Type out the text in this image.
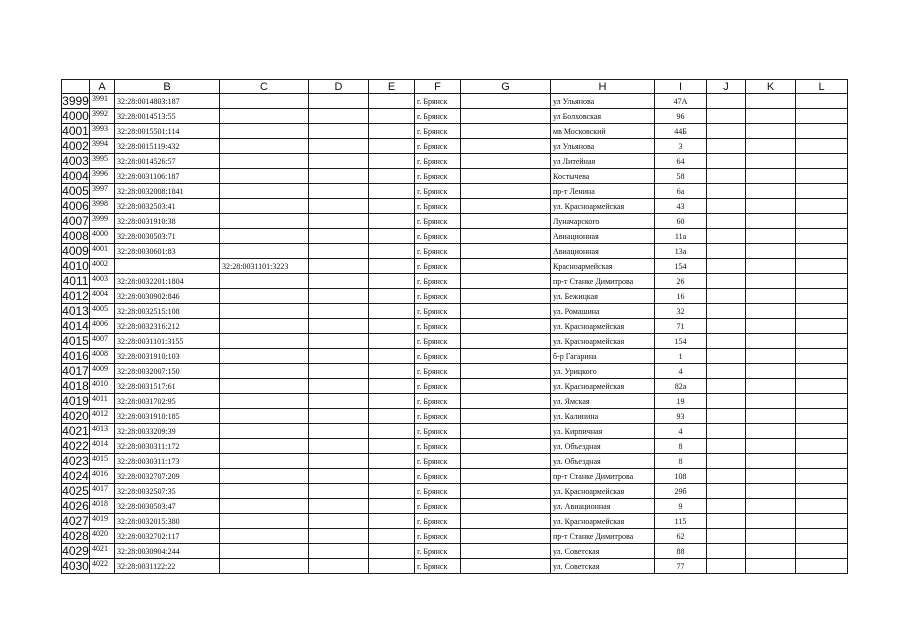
	A	B	C	D	E	F	G	H	I	J	K	L
3999	3991	32:28:0014803:187				г. Брянск		ул Ульянова	47А			
4000	3992	32:28:0014513:55				г. Брянск		ул Болховская	96			
4001	3993	32:28:0015501:114				г. Брянск		мв Московский	44Б			
4002	3994	32:28:0015119:432				г. Брянск		ул Ульянова	3			
4003	3995	32:28:0014526:57				г. Брянск		ул Литейная	64			
4004	3996	32:28:0031106:187				г. Брянск		Костычева	58			
4005	3997	32:28:0032008:1841				г. Брянск		пр-т Ленина	6а			
4006	3998	32:28:0032503:41				г. Брянск		ул. Красноармейская	43			
4007	3999	32:28:0031910:38				г. Брянск		Луначарского	60			
4008	4000	32:28:0030503:71				г. Брянск		Авиационная	11а			
4009	4001	32:28:0030601:83				г. Брянск		Авиационная	13а			
4010	4002		32:28:0031101:3223			г. Брянск		Красноармейская	154			
4011	4003	32:28:0032201:1804				г. Брянск		пр-т Станке Димитрова	26			
4012	4004	32:28:0030902:846				г. Брянск		ул. Бежицкая	16			
4013	4005	32:28:0032515:108				г. Брянск		ул. Ромашина	32			
4014	4006	32:28:0032316:212				г. Брянск		ул. Красноармейская	71			
4015	4007	32:28:0031101:3155				г. Брянск		ул. Красноармейская	154			
4016	4008	32:28:0031910:103				г. Брянск		б-р Гагарина	1			
4017	4009	32:28:0032007:150				г. Брянск		ул. Урицкого	4			
4018	4010	32:28:0031517:61				г. Брянск		ул. Красноармейская	82а			
4019	4011	32:28:0031702:95				г. Брянск		ул. Ямская	19			
4020	4012	32:28:0031910:185				г. Брянск		ул. Калинина	93			
4021	4013	32:28:0033209:39				г. Брянск		ул. Кирпичная	4			
4022	4014	32:28:0030311:172				г. Брянск		ул. Объездная	8			
4023	4015	32:28:0030311:173				г. Брянск		ул. Объездная	8			
4024	4016	32:28:0032707:209				г. Брянск		пр-т Станке Димитрова	108			
4025	4017	32:28:0032507:35				г. Брянск		ул. Красноармейская	29б			
4026	4018	32:28:0030503:47				г. Брянск		ул. Авиационная	9			
4027	4019	32:28:0032015:380				г. Брянск		ул. Красноармейская	115			
4028	4020	32:28:0032702:117				г. Брянск		пр-т Станке Димитрова	62			
4029	4021	32:28:0030904:244				г. Брянск		ул. Советская	88			
4030	4022	32:28:0031122:22				г. Брянск		ул. Советская	77			
